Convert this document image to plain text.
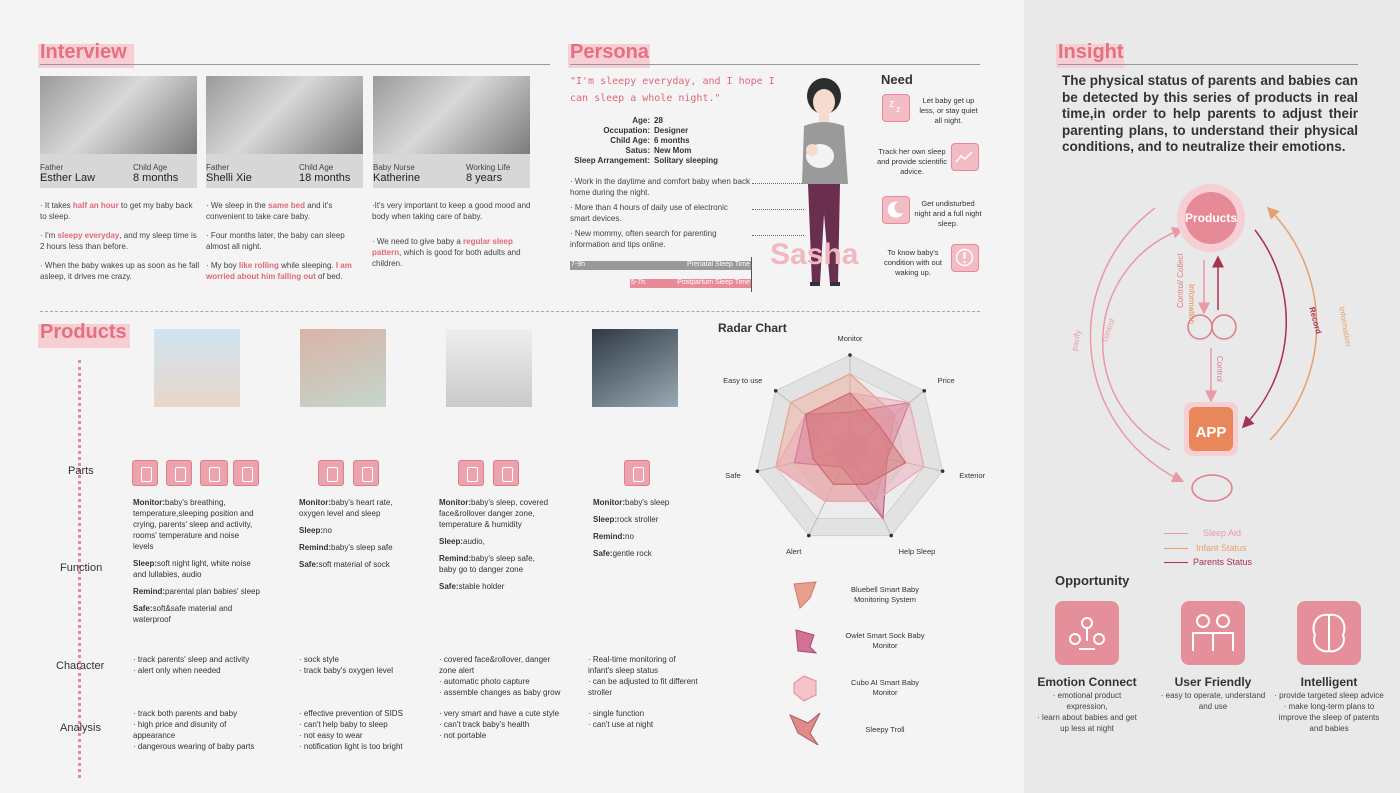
Interview
Father
Esther Law
Child Age
8 months
Father
Shelli Xie
Child Age
18 months
Baby Nurse
Katherine
Working Life
8 years

· It takes half an hour to get my baby back to sleep.

· I'm sleepy everyday, and my sleep time is 2 hours less than before.

· When the baby wakes up as soon as he fall asleep, it drives me crazy.

· We sleep in the same bed and it's convenient to take care baby.

· Four months later, the baby can sleep almost all night.

· My boy like rolling while sleeping. I am worried about him falling out of bed.

·It's very important to keep a good mood and body when taking care of baby.

· We need to give baby a regular sleep pattern, which is good for both adults and children.

Persona
"I'm sleepy everyday, and I hope I can sleep a whole night."
Age: 28
Occupation: Designer
Child Age: 6 months
Satus: New Mom
Sleep Arrangement: Solitary sleeping

· Work in the daytime and comfort baby when back home during the night.

· More than 4 hours of daily use of electronic smart devices.

· New mommy, often search for parenting information and tips online.

7-9h	Prenatal Sleep Time
5-7h	Postpartum Sleep Time
Sasha
Need
z z
Let baby get up less, or stay quiet all night.
Track her own sleep and provide scientific advice.
Get undisturbed night and a full night sleep.
To know baby's condition with out waking up.
Products
Parts
Function
Character
Analysis

Monitor:baby's breathing, temperature,sleeping position and crying, parents' sleep and activity, rooms' temperature and noise levels

Sleep:soft night light, white noise and lullabies, audio

Remind:parental plan babies' sleep

Safe:soft&safe material and waterproof

Monitor:baby's heart rate, oxygen level and sleep

Sleep:no

Remind:baby's sleep safe

Safe:soft material of sock

Monitor:baby's sleep, covered face&rollover danger zone, temperature & humidity

Sleep:audio,

Remind:baby's sleep safe, baby go to danger zone

Safe:stable holder

Monitor:baby's sleep

Sleep:rock stroller

Remind:no

Safe:gentle rock

· track parents' sleep and activity
· alert only when needed
· sock style
· track baby's oxygen level
· covered face&rollover, danger zone alert
· automatic photo capture
· assemble changes as baby grow
· Real-time monitoring of infant's sleep status
· can be adjusted to fit different stroller
· track both parents and baby
· high price and disunity of appearance
· dangerous wearing of baby parts
· effective prevention of SIDS
· can't help baby to sleep
· not easy to wear
· notification light is too bright
· very smart and have a cute style
· can't track baby's health
· not portable
· single function
· can't use at night
Radar Chart
Monitor
Price
Exterior
Help Sleep
Alert
Safe
Easy to use
Bluebell Smart Baby Monitoring System
Owlet Smart Sock Baby Monitor
Cubo AI Smart Baby Monitor
Sleepy Troll
Insight
The physical status of parents and babies can be detected by this series of products in real time,in order to help parents to adjust their parenting plans, to understand their physical conditions, and to neutralize their emotions.
Products
APP
Information
Control/ Collect
Control
Record Information
pacify control
Sleep Aid
Infant Status
Parents Status
Opportunity
Emotion Connect
· emotional product expression,
· learn about babies and get up less at night
User Friendly
· easy to operate, understand and use
Intelligent
· provide targeted sleep advice
· make long-term plans to improve the sleep of patents and babies
